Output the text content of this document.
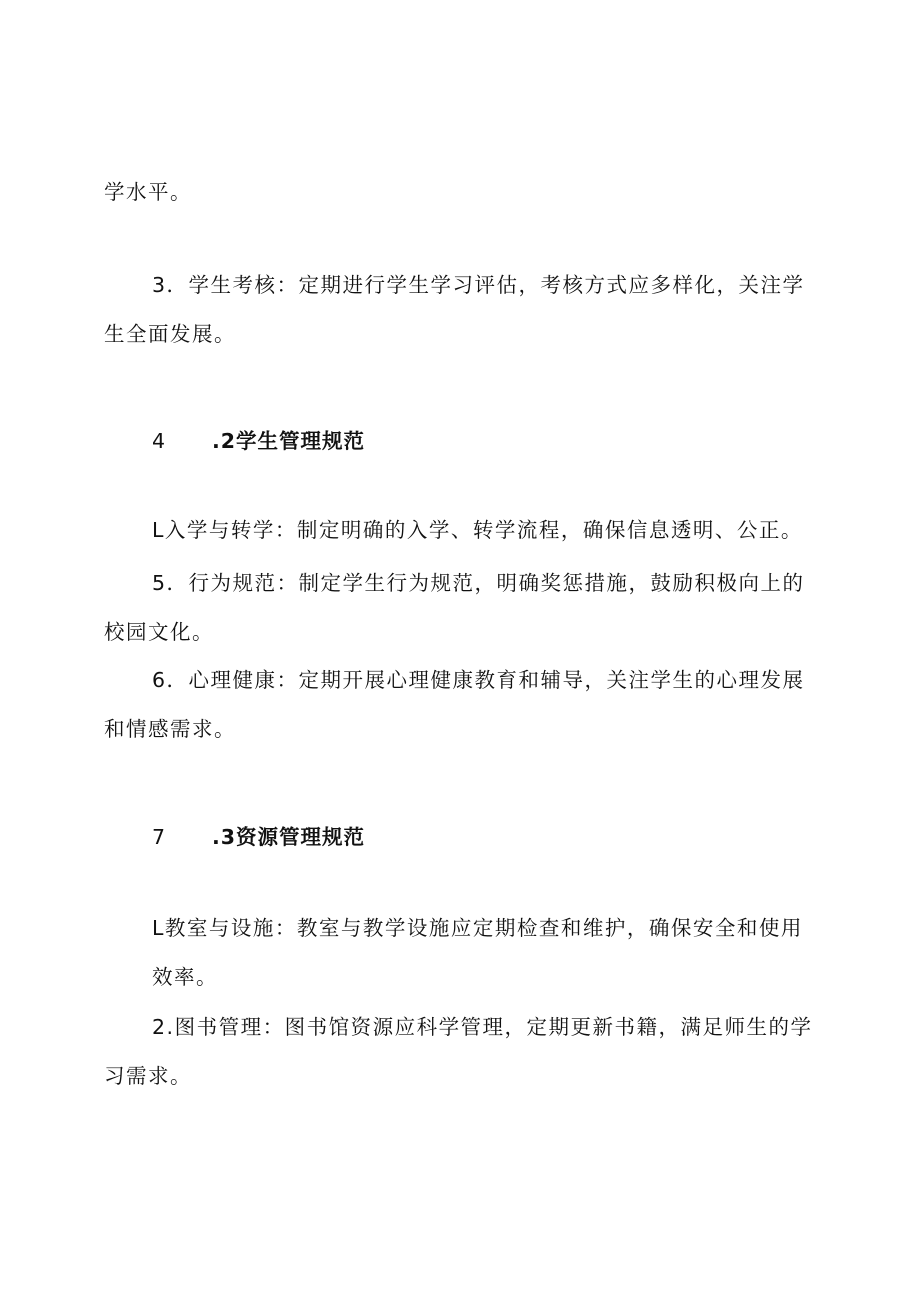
学水平。
3．学生考核：定期进行学生学习评估，考核方式应多样化，关注学生全面发展。
4 .2学生管理规范
L入学与转学：制定明确的入学、转学流程，确保信息透明、公正。
5．行为规范：制定学生行为规范，明确奖惩措施，鼓励积极向上的校园文化。
6．心理健康：定期开展心理健康教育和辅导，关注学生的心理发展和情感需求。
7 .3资源管理规范
L教室与设施：教室与教学设施应定期检查和维护，确保安全和使用效率。
2.图书管理：图书馆资源应科学管理，定期更新书籍，满足师生的学习需求。
